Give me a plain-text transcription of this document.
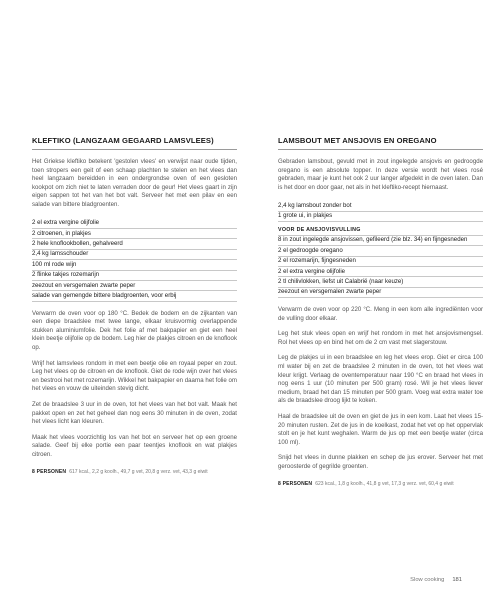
KLEFTIKO (LANGZAAM GEGAARD LAMSVLEES)

Het Griekse kleftiko betekent 'gestolen vlees' en verwijst naar oude tijden, toen stropers een geit of een schaap plachten te stelen en het vlees dan heel langzaam bereidden in een ondergrondse oven of een gesloten kookpot om zich niet te laten verraden door de geur! Het vlees gaart in zijn eigen sappen tot het van het bot valt. Serveer het met een pilav en een salade van bittere bladgroenten.

2 el extra vergine olijfolie
2 citroenen, in plakjes
2 hele knoflookbollen, gehalveerd
2,4 kg lamsschouder
100 ml rode wijn
2 flinke takjes rozemarijn
zeezout en versgemalen zwarte peper
salade van gemengde bittere bladgroenten, voor erbij

Verwarm de oven voor op 180 °C. Bedek de bodem en de zijkanten van een diepe braadslee met twee lange, elkaar kruisvormig overlappende stukken aluminiumfolie. Dek het folie af met bakpapier en giet een heel klein beetje olijfolie op de bodem. Leg hier de plakjes citroen en de knoflook op.

Wrijf het lamsvlees rondom in met een beetje olie en royaal peper en zout. Leg het vlees op de citroen en de knoflook. Giet de rode wijn over het vlees en bestrooi het met rozemarijn. Wikkel het bakpapier en daarna het folie om het vlees en vouw de uiteinden stevig dicht.

Zet de braadslee 3 uur in de oven, tot het vlees van het bot valt. Maak het pakket open en zet het geheel dan nog eens 30 minuten in de oven, zodat het vlees licht kan kleuren.

Maak het vlees voorzichtig los van het bot en serveer het op een groene salade. Geef bij elke portie een paar teentjes knoflook en wat plakjes citroen.

8 PERSONEN 617 kcal., 2,2 g koolh., 49,7 g vet, 20,8 g verz. vet, 43,3 g eiwit
LAMSBOUT MET ANSJOVIS EN OREGANO

Gebraden lamsbout, gevuld met in zout ingelegde ansjovis en gedroogde oregano is een absolute topper. In deze versie wordt het vlees rosé gebraden, maar je kunt het ook 2 uur langer afgedekt in de oven laten. Dan is het door en door gaar, net als in het kleftiko-recept hiernaast.

2,4 kg lamsbout zonder bot
1 grote ui, in plakjes
VOOR DE ANSJOVISVULLING
8 in zout ingelegde ansjovissen, gefileerd (zie blz. 34) en fijngesneden
2 el gedroogde oregano
2 el rozemarijn, fijngesneden
2 el extra vergine olijfolie
2 tl chilivlokken, liefst uit Calabrië (naar keuze)
zeezout en versgemalen zwarte peper

Verwarm de oven voor op 220 °C. Meng in een kom alle ingrediënten voor de vulling door elkaar.

Leg het stuk vlees open en wrijf het rondom in met het ansjovismengsel. Rol het vlees op en bind het om de 2 cm vast met slagerstouw.

Leg de plakjes ui in een braadslee en leg het vlees erop. Giet er circa 100 ml water bij en zet de braadslee 2 minuten in de oven, tot het vlees wat kleur krijgt. Verlaag de oventemperatuur naar 190 °C en braad het vlees in nog eens 1 uur (10 minuten per 500 gram) rosé. Wil je het vlees liever medium, braad het dan 15 minuten per 500 gram. Voeg wat extra water toe als de braadslee droog lijkt te koken.

Haal de braadslee uit de oven en giet de jus in een kom. Laat het vlees 15-20 minuten rusten. Zet de jus in de koelkast, zodat het vet op het oppervlak stolt en je het kunt weghalen. Warm de jus op met een beetje water (circa 100 ml).

Snijd het vlees in dunne plakken en schep de jus erover. Serveer het met geroosterde of gegrilde groenten.

8 PERSONEN 623 kcal., 1,8 g koolh., 41,8 g vet, 17,3 g verz. vet, 60,4 g eiwit
Slow cooking 181
